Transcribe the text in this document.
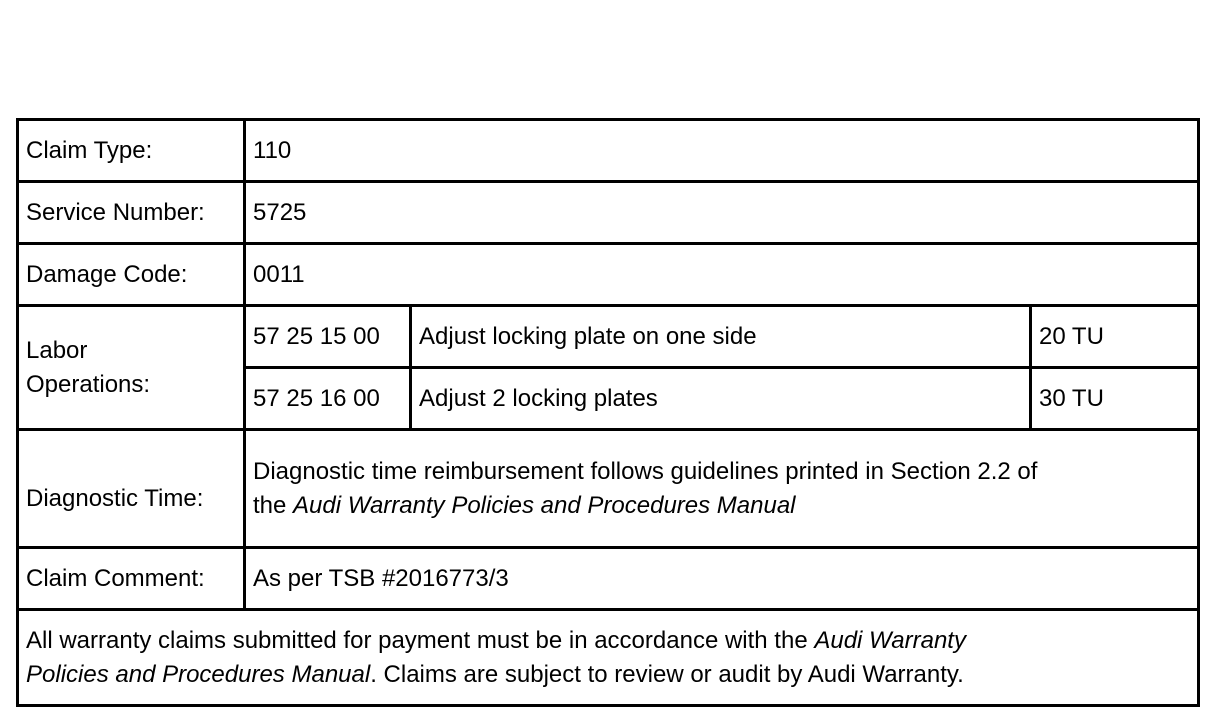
Claim Type:	110		
Service Number:	5725		
Damage Code:	0011		

Labor
Operations:	57 25 15 00	Adjust locking plate on one side	20 TU
	57 25 16 00	Adjust 2 locking plates	30 TU
Diagnostic Time:	Diagnostic time reimbursement follows guidelines printed in Section 2.2 of
the Audi Warranty Policies and Procedures Manual		

Claim Comment:	As per TSB #2016773/3		

All warranty claims submitted for payment must be in accordance with the Audi Warranty
Policies and Procedures Manual. Claims are subject to review or audit by Audi Warranty.			
